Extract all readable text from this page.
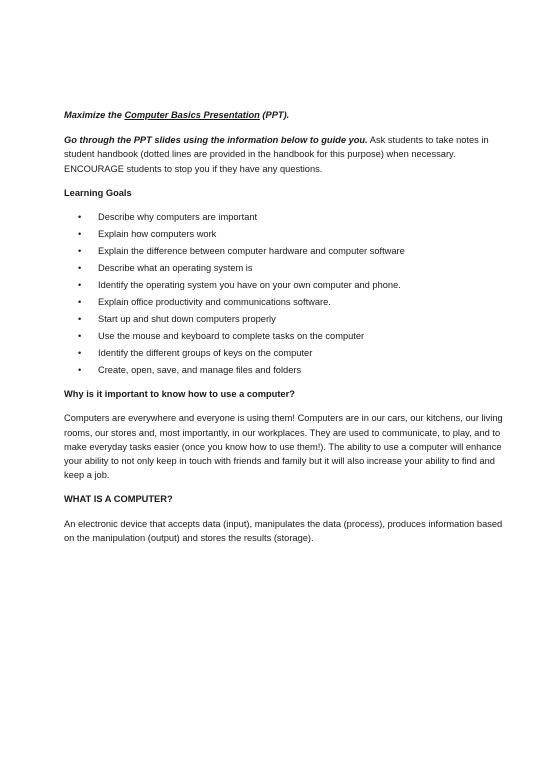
Maximize the Computer Basics Presentation (PPT).

Go through the PPT slides using the information below to guide you. Ask students to take notes in student handbook (dotted lines are provided in the handbook for this purpose) when necessary. ENCOURAGE students to stop you if they have any questions.

Learning Goals

• Describe why computers are important
• Explain how computers work
• Explain the difference between computer hardware and computer software
• Describe what an operating system is
• Identify the operating system you have on your own computer and phone.
• Explain office productivity and communications software.
• Start up and shut down computers properly
• Use the mouse and keyboard to complete tasks on the computer
• Identify the different groups of keys on the computer
• Create, open, save, and manage files and folders

Why is it important to know how to use a computer?

Computers are everywhere and everyone is using them! Computers are in our cars, our kitchens, our living rooms, our stores and, most importantly, in our workplaces. They are used to communicate, to play, and to make everyday tasks easier (once you know how to use them!). The ability to use a computer will enhance your ability to not only keep in touch with friends and family but it will also increase your ability to find and keep a job.

WHAT IS A COMPUTER?

An electronic device that accepts data (input), manipulates the data (process), produces information based on the manipulation (output) and stores the results (storage).
